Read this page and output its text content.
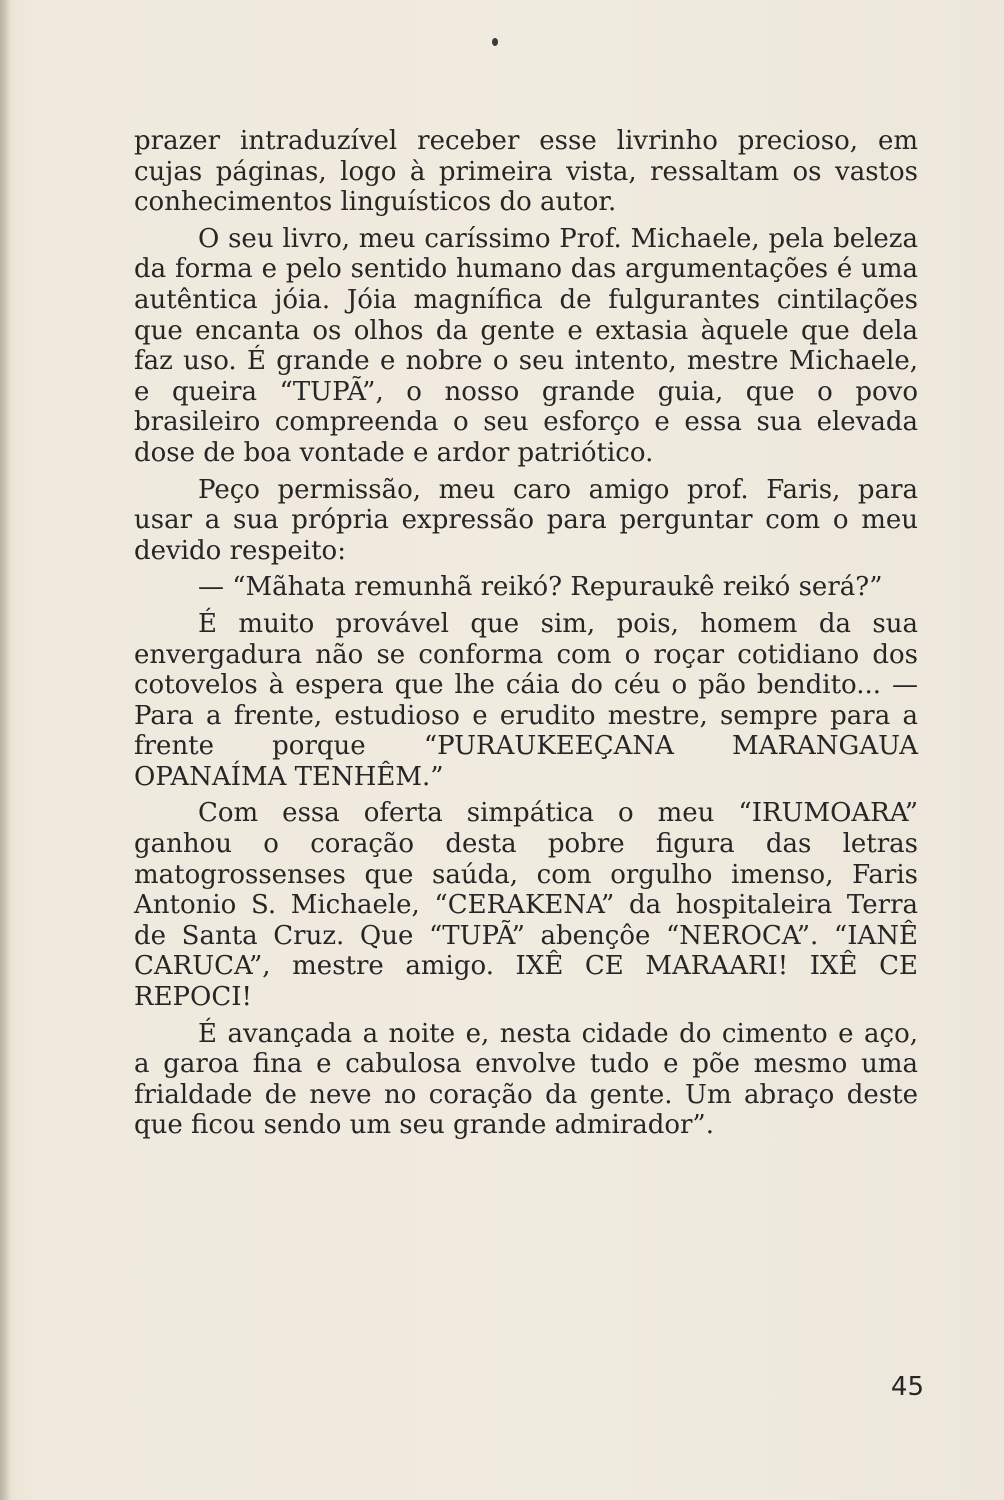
prazer intraduzível receber esse livrinho precioso, em cujas páginas, logo à primeira vista, ressaltam os vastos conhecimentos linguísticos do autor.

O seu livro, meu caríssimo Prof. Michaele, pela beleza da forma e pelo sentido humano das argumentações é uma autêntica jóia. Jóia magnífica de fulgurantes cintilações que encanta os olhos da gente e extasia àquele que dela faz uso. É grande e nobre o seu intento, mestre Michaele, e queira “TUPÃ”, o nosso grande guia, que o povo brasileiro compreenda o seu esforço e essa sua elevada dose de boa vontade e ardor patriótico.

Peço permissão, meu caro amigo prof. Faris, para usar a sua própria expressão para perguntar com o meu devido respeito:

— “Mãhata remunhã reikó? Repuraukê reikó será?”

É muito provável que sim, pois, homem da sua envergadura não se conforma com o roçar cotidiano dos cotovelos à espera que lhe cáia do céu o pão bendito... — Para a frente, estudioso e erudito mestre, sempre para a frente porque “PURAUKEEÇANA MARANGAUA OPANAÍMA TENHÊM.”

Com essa oferta simpática o meu “IRUMOARA” ganhou o coração desta pobre figura das letras matogrossenses que saúda, com orgulho imenso, Faris Antonio S. Michaele, “CERAKENA” da hospitaleira Terra de Santa Cruz. Que “TUPÃ” abençôe “NEROCA”. “IANÊ CARUCA”, mestre amigo. IXÊ CE MARAARI! IXÊ CE REPOCI!

É avançada a noite e, nesta cidade do cimento e aço, a garoa fina e cabulosa envolve tudo e põe mesmo uma frialdade de neve no coração da gente. Um abraço deste que ficou sendo um seu grande admirador”.

45
